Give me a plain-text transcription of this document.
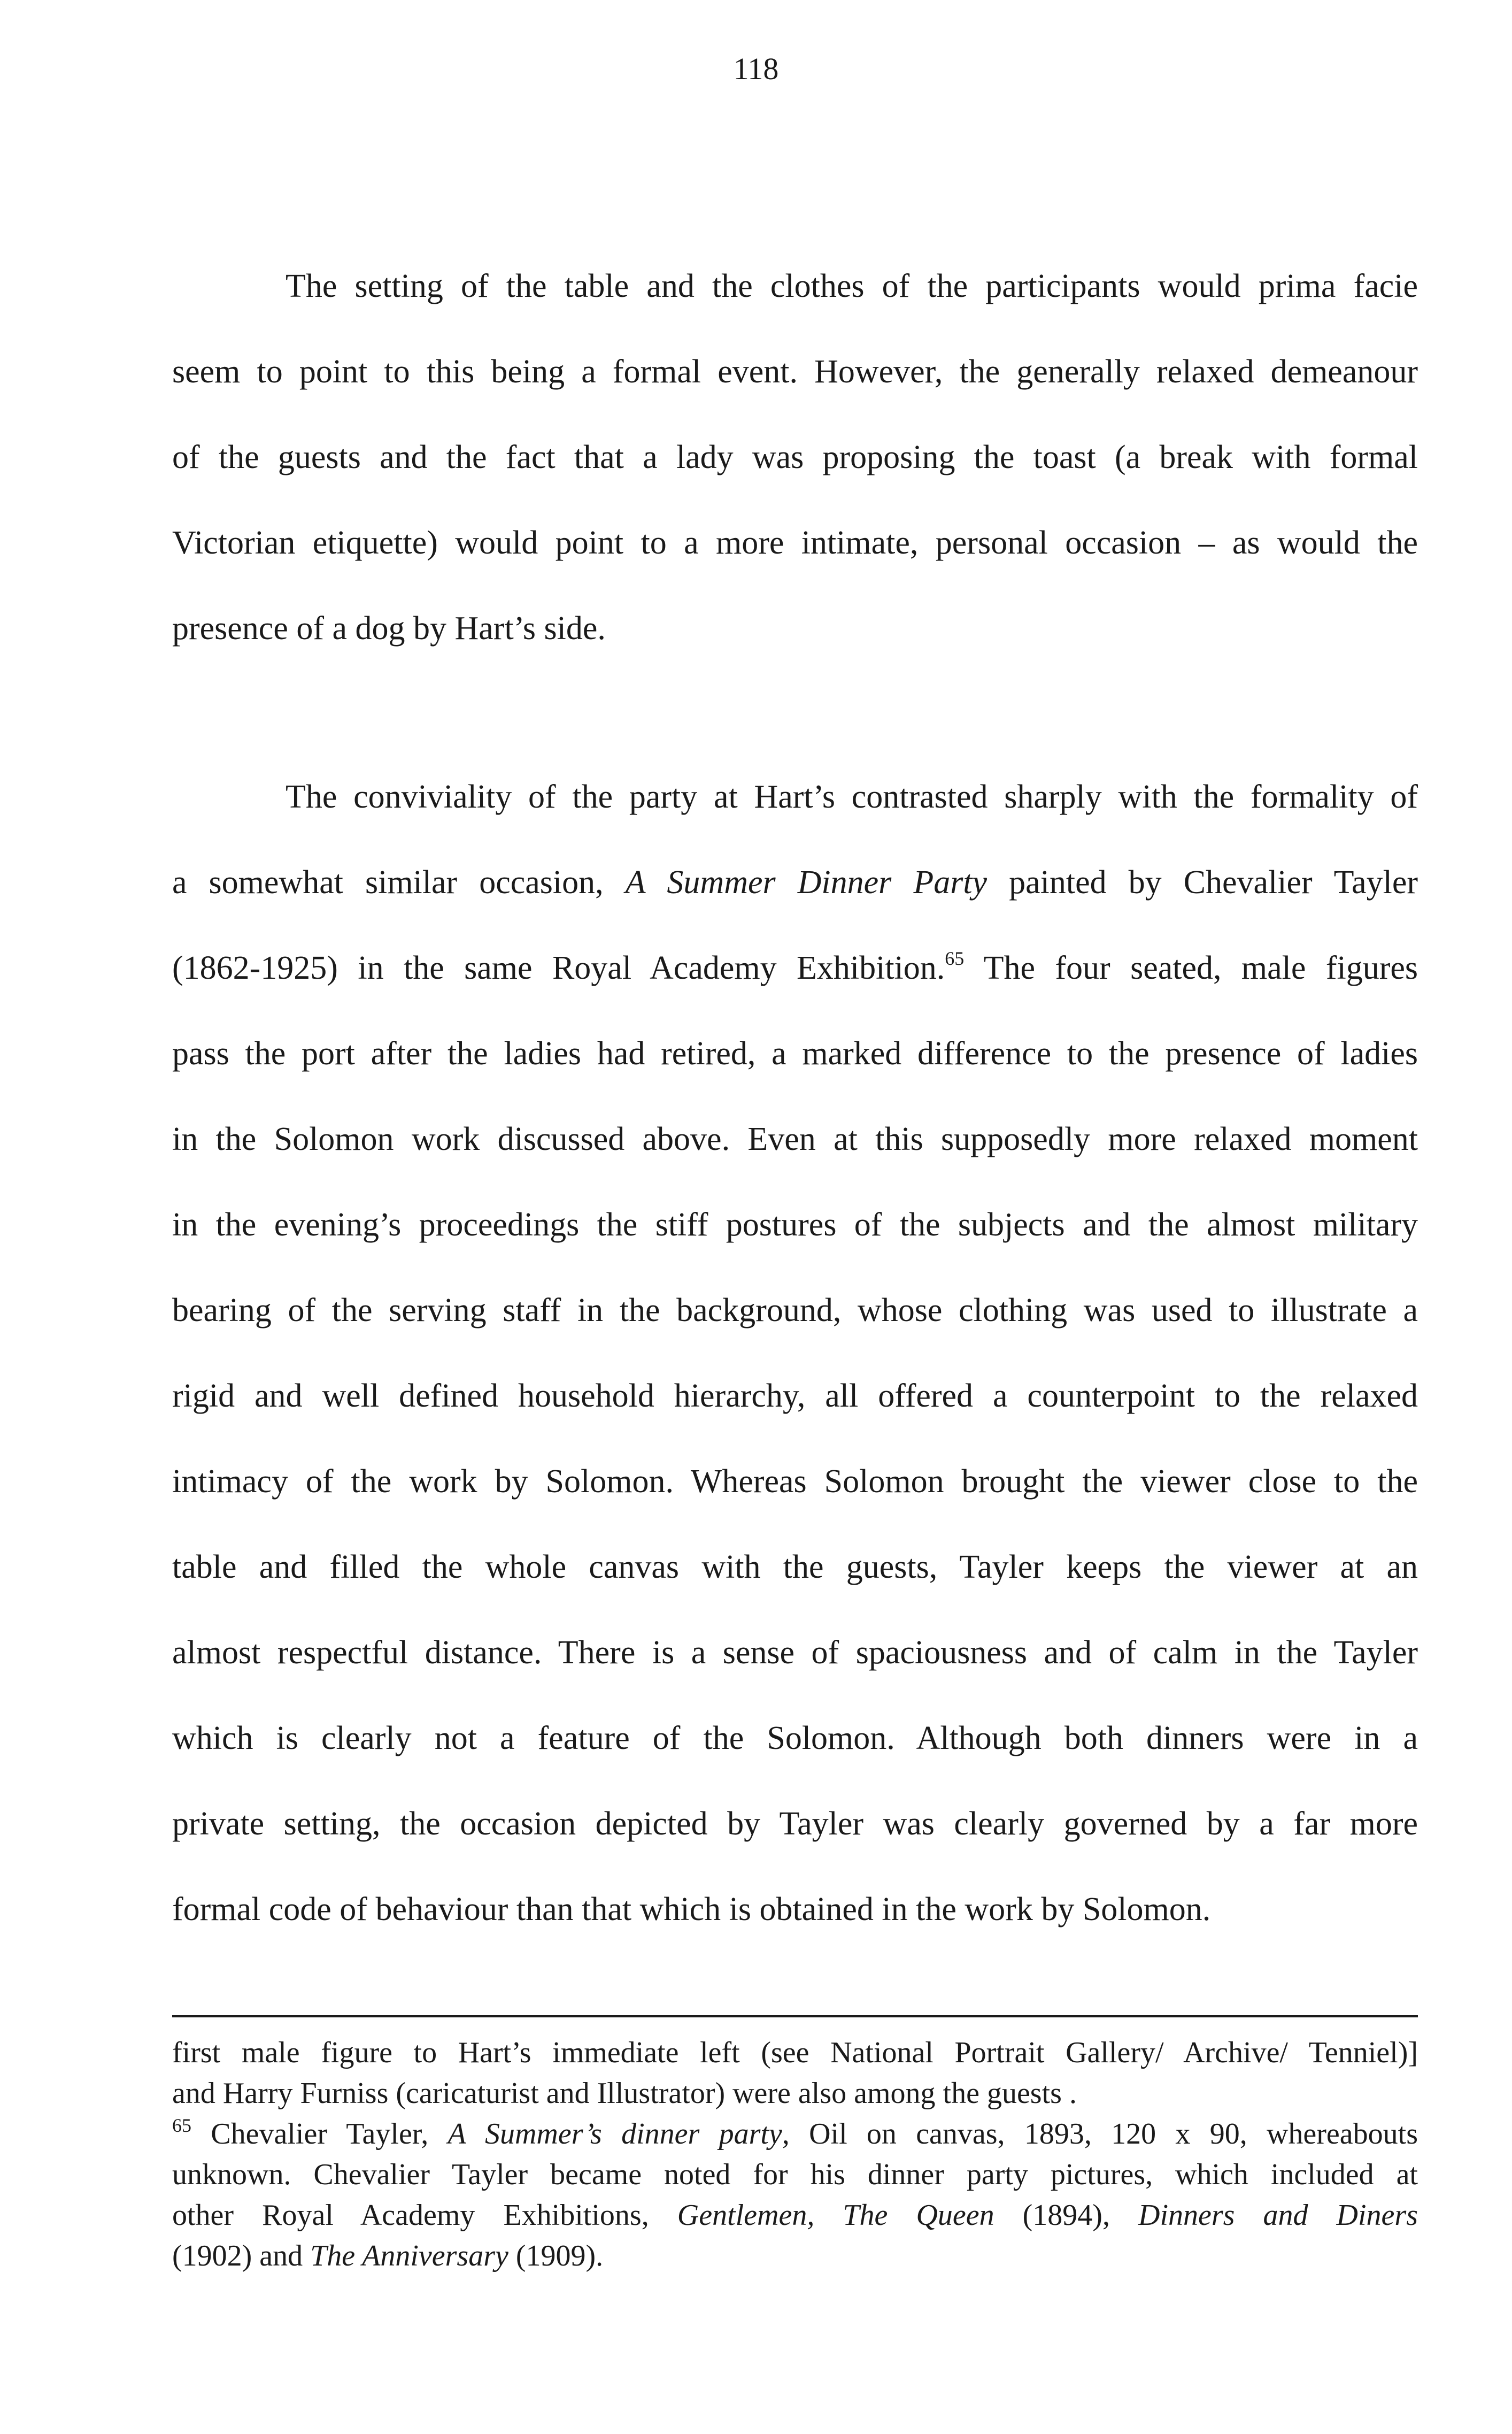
118
The setting of the table and the clothes of the participants would prima facie
seem to point to this being a formal event. However, the generally relaxed demeanour
of the guests and the fact that a lady was proposing the toast (a break with formal
Victorian etiquette) would point to a more intimate, personal occasion – as would the
presence of a dog by Hart’s side.
The conviviality of the party at Hart’s contrasted sharply with the formality of
a somewhat similar occasion, A Summer Dinner Party painted by Chevalier Tayler
(1862-1925) in the same Royal Academy Exhibition.$^{65}$ The four seated, male figures
pass the port after the ladies had retired, a marked difference to the presence of ladies
in the Solomon work discussed above. Even at this supposedly more relaxed moment
in the evening’s proceedings the stiff postures of the subjects and the almost military
bearing of the serving staff in the background, whose clothing was used to illustrate a
rigid and well defined household hierarchy, all offered a counterpoint to the relaxed
intimacy of the work by Solomon. Whereas Solomon brought the viewer close to the
table and filled the whole canvas with the guests, Tayler keeps the viewer at an
almost respectful distance. There is a sense of spaciousness and of calm in the Tayler
which is clearly not a feature of the Solomon. Although both dinners were in a
private setting, the occasion depicted by Tayler was clearly governed by a far more
formal code of behaviour than that which is obtained in the work by Solomon.
first male figure to Hart’s immediate left (see National Portrait Gallery/ Archive/ Tenniel)]
and Harry Furniss (caricaturist and Illustrator) were also among the guests .
$^{65}$ Chevalier Tayler, A Summer’s dinner party, Oil on canvas, 1893, 120 x 90, whereabouts
unknown. Chevalier Tayler became noted for his dinner party pictures, which included at
other Royal Academy Exhibitions, Gentlemen, The Queen (1894), Dinners and Diners
(1902) and The Anniversary (1909).
